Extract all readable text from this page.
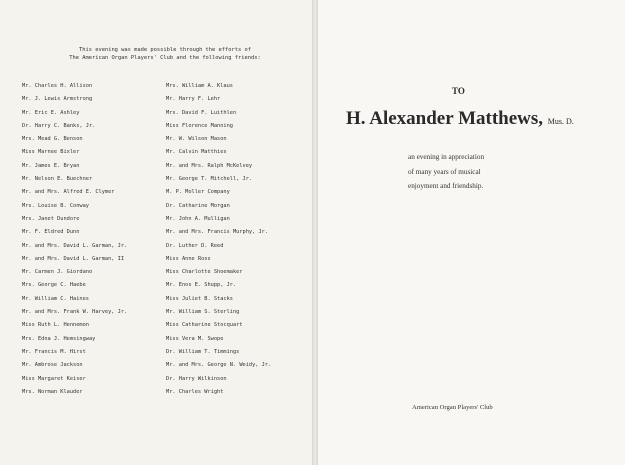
This evening was made possible through the efforts of
The American Organ Players' Club and the following friends:
Mr. Charles H. Allison
Mr. J. Lewis Armstrong
Mr. Eric E. Ashley
Dr. Harry C. Banks, Jr.
Mrs. Mead G. Benson
Miss Marnee Bixler
Mr. James E. Bryan
Mr. Nelson E. Buechner
Mr. and Mrs. Alfred E. Clymer
Mrs. Louise B. Conway
Mrs. Janet Dundore
Mr. F. Eldred Dunn
Mr. and Mrs. David L. Garman, Jr.
Mr. and Mrs. David L. Garman, II
Mr. Carmen J. Giordano
Mrs. George C. Haebe
Mr. William C. Haines
Mr. and Mrs. Frank W. Harvey, Jr.
Miss Ruth L. Hennemon
Mrs. Edna J. Hemsingway
Mr. Francis M. Hirst
Mr. Ambrose Jackson
Miss Margaret Keiser
Mrs. Norman Klauder
Mrs. William A. Klaus
Mr. Harry F. Lehr
Mrs. David F. Luithlen
Miss Florence Manning
Mr. W. Wilson Mason
Mr. Calvin Matthies
Mr. and Mrs. Ralph McKelvey
Mr. George T. Mitchell, Jr.
M. P. Moller Company
Dr. Catharine Morgan
Mr. John A. Mulligan
Mr. and Mrs. Francis Murphy, Jr.
Dr. Luther D. Reed
Miss Anne Ross
Miss Charlotte Shoemaker
Mr. Enos E. Shupp, Jr.
Miss Juliet B. Stacks
Mr. William S. Sterling
Miss Catharine Stocquart
Miss Vera M. Swope
Dr. William T. Timmings
Mr. and Mrs. George N. Weidy, Jr.
Dr. Harry Wilkinson
Mr. Charles Wright
TO
H. Alexander Matthews, Mus. D.
an evening in appreciation
of many years of musical
enjoyment and friendship.
American Organ Players' Club
